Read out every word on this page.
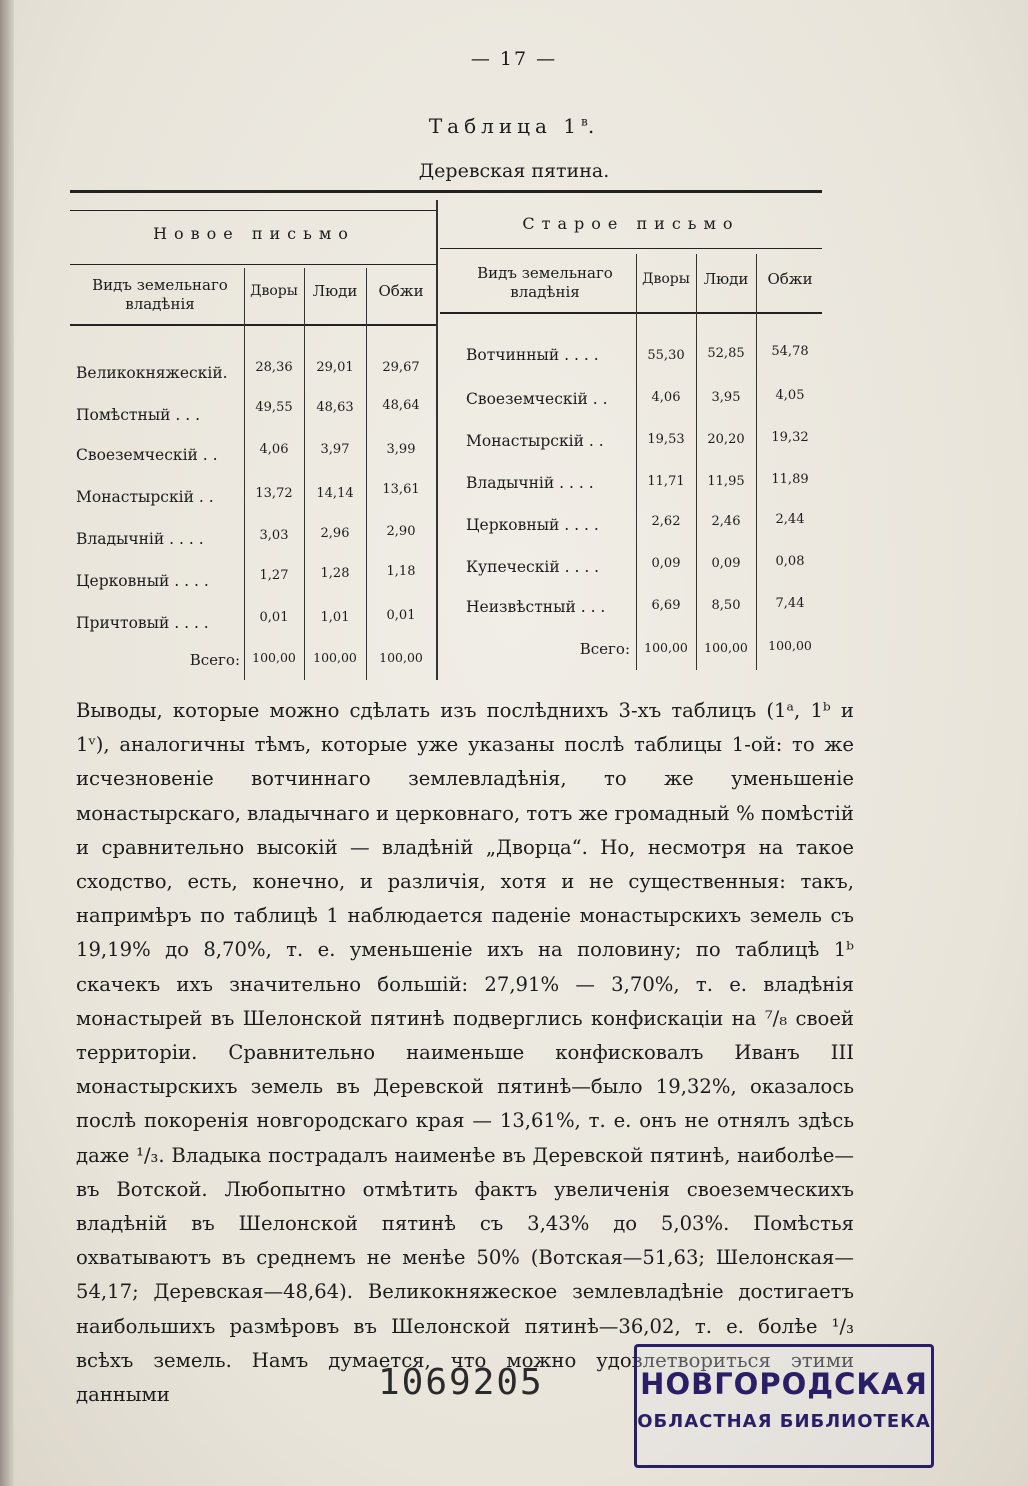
— 17 —
Таблица $1^в$.
Деревская пятина.
Новое письмо
Старое письмо
Видъ земельнаго владѣнія
Дворы Люди	Обжи
Видъ земельнаго владѣнія
Дворы Люди	Обжи
Великокняжескій.	28,36	29,01	29,67
Помѣстный . . .	49,55	48,63	48,64
Своеземческій . .	4,06	3,97	3,99
Монастырскій . .	13,72	14,14	13,61
Владычній . . . .	3,03	2,96	2,90
Церковный . . . .	1,27	1,28	1,18
Причтовый . . . .	0,01	1,01	0,01
Всего: 100,00	100,00	100,00
Вотчинный . . . .	55,30	52,85	54,78
Своеземческій . .	4,06	3,95	4,05
Монастырскій . .	19,53	20,20	19,32
Владычній . . . .	11,71	11,95	11,89
Церковный . . . .	2,62	2,46	2,44
Купеческій . . . .	0,09	0,09	0,08
Неизвѣстный . . .	6,69	8,50	7,44
Всего:	100,00	100,00	100,00

Выводы, которые можно сдѣлать изъ послѣднихъ 3-хъ таблицъ (1ᵃ, 1ᵇ и 1ᵛ), аналогичны тѣмъ, которые уже указаны послѣ таблицы 1-ой: то же исчезновеніе вотчиннаго землевладѣнія, то же уменьшеніе монастырскаго, владычнаго и церковнаго, тотъ же громадный % помѣстій и сравнительно высокій — владѣній „Дворца“. Но, несмотря на такое сходство, есть, конечно, и различія, хотя и не существенныя: такъ, напримѣръ по таблицѣ 1 наблюдается паденіе монастырскихъ земель съ 19,19% до 8,70%, т. е. уменьшеніе ихъ на половину; по таблицѣ 1ᵇ скачекъ ихъ значительно большій: 27,91% — 3,70%, т. е. владѣнія монастырей въ Шелонской пятинѣ подверглись конфискаціи на ⁷/₈ своей территоріи. Сравнительно наименьше конфисковалъ Иванъ III монастырскихъ земель въ Деревской пятинѣ—было 19,32%, оказалось послѣ покоренія новгородскаго края — 13,61%, т. е. онъ не отнялъ здѣсь даже ¹/₃. Владыка пострадалъ наименѣе въ Деревской пятинѣ, наиболѣе—въ Вотской. Любопытно отмѣтить фактъ увеличенія своеземческихъ владѣній въ Шелонской пятинѣ съ 3,43% до 5,03%. Помѣстья охватываютъ въ среднемъ не менѣе 50% (Вотская—51,63; Шелонская—54,17; Деревская—48,64). Великокняжеское землевладѣніе достигаетъ наибольшихъ размѣровъ въ Шелонской пятинѣ—36,02, т. е. болѣе ¹/₃ всѣхъ земель. Намъ думается, что можно удовлетвориться этими данными	1069205	НОВГОРОДСКАЯ
ОБЛАСТНАЯ БИБЛИОТЕКА
